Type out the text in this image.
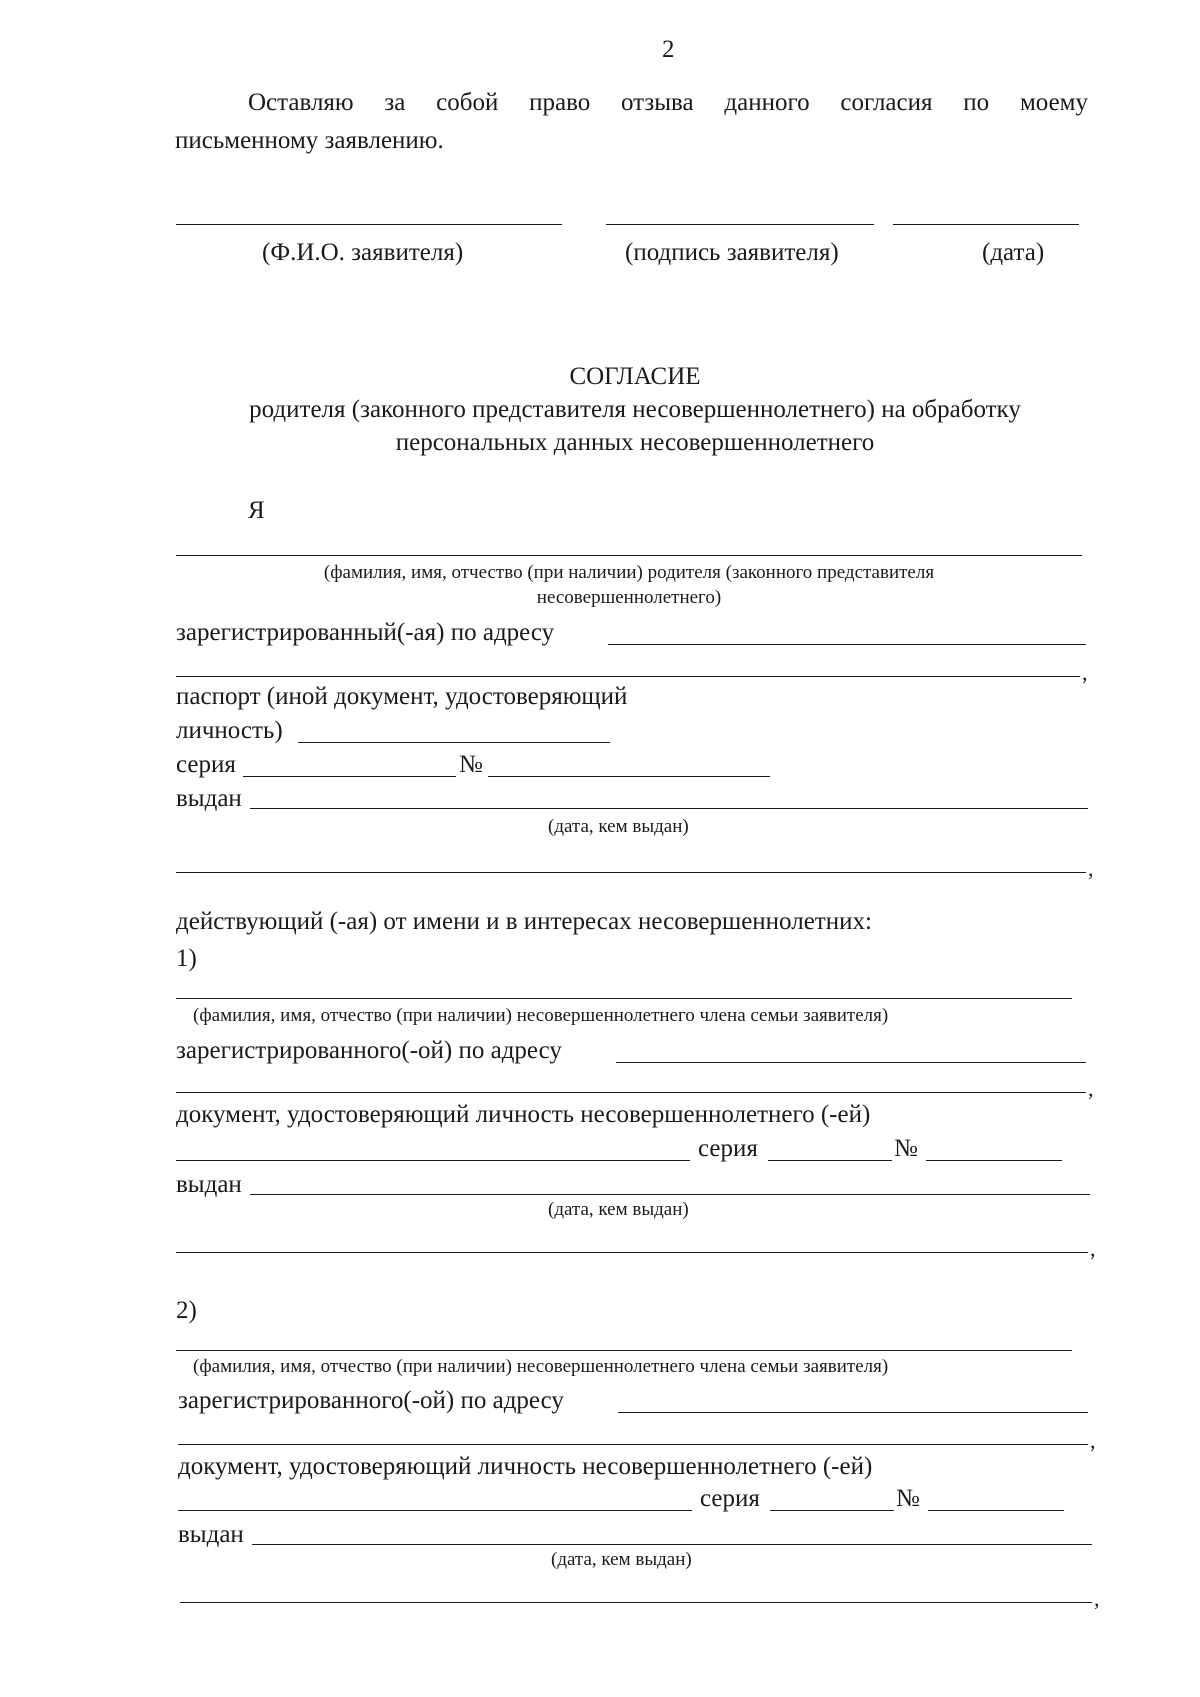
2
Оставляю за собой право отзыва данного согласия по моему
письменному заявлению.
(Ф.И.О. заявителя)	(подпись заявителя)	(дата)
СОГЛАСИЕ
родителя (законного представителя несовершеннолетнего) на обработку
персональных данных несовершеннолетнего
Я
(фамилия, имя, отчество (при наличии) родителя (законного представителя
несовершеннолетнего)
зарегистрированный(-ая) по адресу
,
паспорт (иной документ, удостоверяющий
личность)
серия	№
выдан
(дата, кем выдан)
,
действующий (-ая) от имени и в интересах несовершеннолетних:
1)
(фамилия, имя, отчество (при наличии) несовершеннолетнего члена семьи заявителя)
зарегистрированного(-ой) по адресу
,
документ, удостоверяющий личность несовершеннолетнего (-ей)
серия	№
выдан
(дата, кем выдан)
,
2)
(фамилия, имя, отчество (при наличии) несовершеннолетнего члена семьи заявителя)
зарегистрированного(-ой) по адресу
,
документ, удостоверяющий личность несовершеннолетнего (-ей)
серия	№
выдан
(дата, кем выдан)
,
